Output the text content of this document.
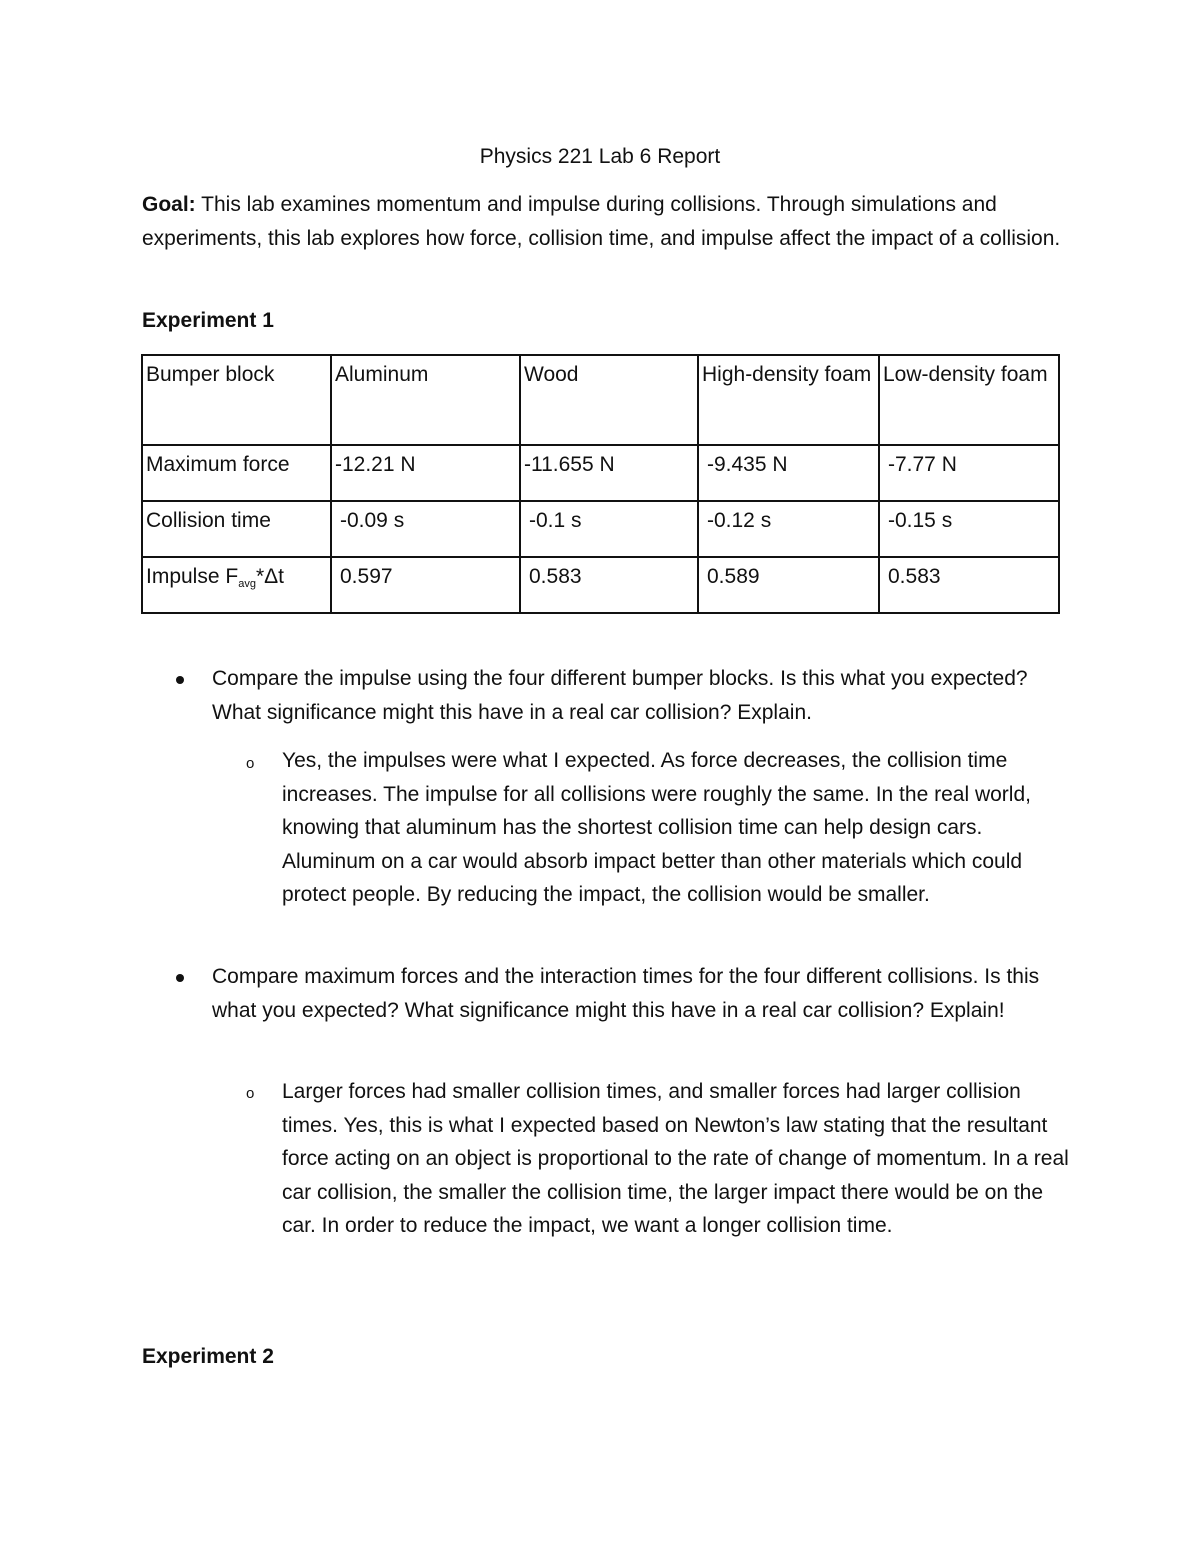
Physics 221 Lab 6 Report
Goal: This lab examines momentum and impulse during collisions. Through simulations and experiments, this lab explores how force, collision time, and impulse affect the impact of a collision.
Experiment 1
Bumper block	Aluminum	Wood	High-density foam	Low-density foam
Maximum force	-12.21 N	-11.655 N	-9.435 N	-7.77 N
Collision time	-0.09 s	-0.1 s	-0.12 s	-0.15 s
Impulse $F_{avg}*\Delta t$	0.597	0.583	0.589	0.583
Compare the impulse using the four different bumper blocks. Is this what you expected? What significance might this have in a real car collision? Explain.
o Yes, the impulses were what I expected. As force decreases, the collision time increases. The impulse for all collisions were roughly the same. In the real world, knowing that aluminum has the shortest collision time can help design cars. Aluminum on a car would absorb impact better than other materials which could protect people. By reducing the impact, the collision would be smaller.
Compare maximum forces and the interaction times for the four different collisions. Is this what you expected? What significance might this have in a real car collision? Explain!
o Larger forces had smaller collision times, and smaller forces had larger collision times. Yes, this is what I expected based on Newton’s law stating that the resultant force acting on an object is proportional to the rate of change of momentum. In a real car collision, the smaller the collision time, the larger impact there would be on the car. In order to reduce the impact, we want a longer collision time.
Experiment 2
